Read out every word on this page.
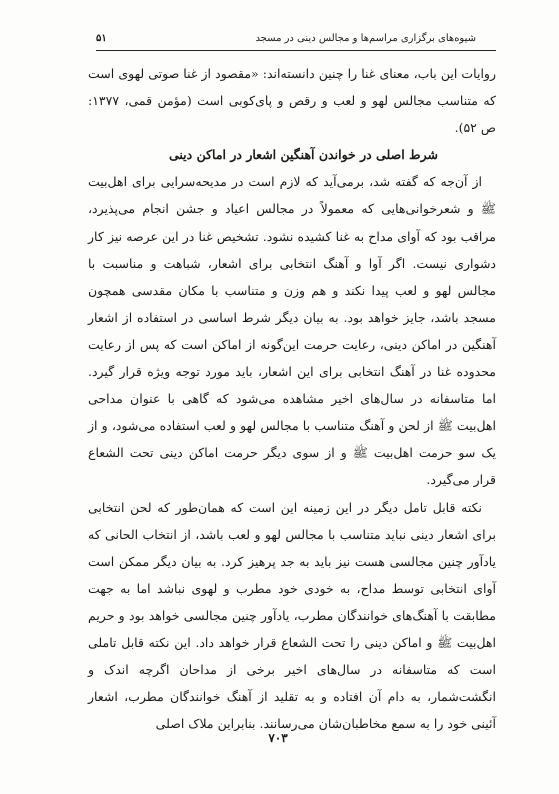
شیوه‌های برگزاری مراسم‌ها و مجالس دینی در مسجد
۵۱

روایات این باب، معنای غنا را چنین دانسته‌اند: «مقصود از غنا صوتی لهوی است که متناسب مجالس لهو و لعب و رقص و پای‌کوبی است (مؤمن قمی، ۱۳۷۷: ص ۵۲).

شرط اصلی در خواندن آهنگین اشعار در اماکن دینی

از آن‌جه که گفته شد، برمی‌آید که لازم است در مدیحه‌سرایی برای اهل‌بیت ﷺ و شعرخوانی‌هایی که معمولاً در مجالس اعیاد و جشن انجام می‌پذیرد، مراقب بود که آوای مداح به غنا کشیده نشود. تشخیص غنا در این عرصه نیز کار دشواری نیست. اگر آوا و آهنگ انتخابی برای اشعار، شباهت و مناسبت با مجالس لهو و لعب پیدا نکند و هم وزن و متناسب با مکان مقدسی همچون مسجد باشد، جایز خواهد بود. به بیان دیگر شرط اساسی در استفاده از اشعار آهنگین در اماکن دینی، رعایت حرمت این‌گونه از اماکن است که پس از رعایت محدوده غنا در آهنگ انتخابی برای این اشعار، باید مورد توجه ویژه قرار گیرد. اما متاسفانه در سال‌های اخیر مشاهده می‌شود که گاهی با عنوان مداحی اهل‌بیت ﷺ از لحن و آهنگ متناسب با مجالس لهو و لعب استفاده می‌شود، و از یک سو حرمت اهل‌بیت ﷺ و از سوی دیگر حرمت اماکن دینی تحت الشعاع قرار می‌گیرد.

نکته قابل تامل دیگر در این زمینه این است که همان‌طور که لحن انتخابی برای اشعار دینی نباید متناسب با مجالس لهو و لعب باشد، از انتخاب الحانی که یادآور چنین مجالسی هست نیز باید به جد پرهیز کرد. به بیان دیگر ممکن است آوای انتخابی توسط مداح، به خودی خود مطرب و لهوی نباشد اما به جهت مطابقت با آهنگ‌های خوانندگان مطرب، یادآور چنین مجالسی خواهد بود و حریم اهل‌بیت ﷺ و اماکن دینی را تحت الشعاع قرار خواهد داد. این نکته قابل تاملی است که متاسفانه در سال‌های اخیر برخی از مداحان اگرچه اندک و انگشت‌شمار، به دام آن افتاده و به تقلید از آهنگ خوانندگان مطرب، اشعار آئینی خود را به سمع مخاطبان‌شان می‌رسانند. بنابراین ملاک اصلی

۷۰۳
